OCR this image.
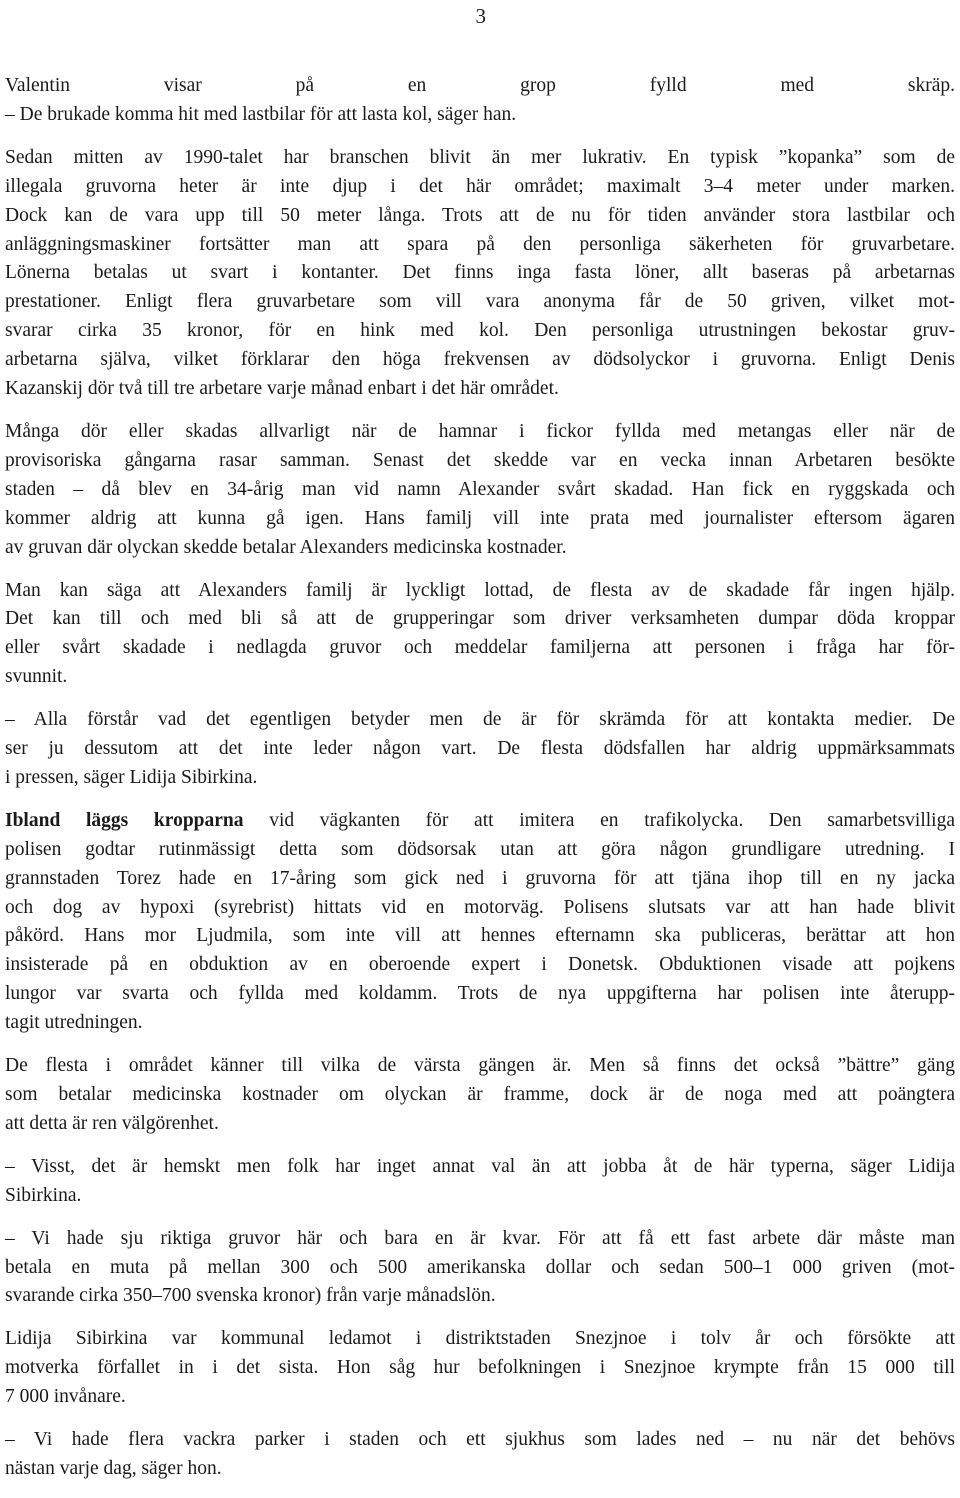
3
Valentin visar på en grop fylld med skräp.
– De brukade komma hit med lastbilar för att lasta kol, säger han.
Sedan mitten av 1990-talet har branschen blivit än mer lukrativ. En typisk ”kopanka” som de
illegala gruvorna heter är inte djup i det här området; maximalt 3–4 meter under marken.
Dock kan de vara upp till 50 meter långa. Trots att de nu för tiden använder stora lastbilar och
anläggningsmaskiner fortsätter man att spara på den personliga säkerheten för gruvarbetare.
Lönerna betalas ut svart i kontanter. Det finns inga fasta löner, allt baseras på arbetarnas
prestationer. Enligt flera gruvarbetare som vill vara anonyma får de 50 griven, vilket mot-
svarar cirka 35 kronor, för en hink med kol. Den personliga utrustningen bekostar gruv-
arbetarna själva, vilket förklarar den höga frekvensen av dödsolyckor i gruvorna. Enligt Denis
Kazanskij dör två till tre arbetare varje månad enbart i det här området.
Många dör eller skadas allvarligt när de hamnar i fickor fyllda med metangas eller när de
provisoriska gångarna rasar samman. Senast det skedde var en vecka innan Arbetaren besökte
staden – då blev en 34-årig man vid namn Alexander svårt skadad. Han fick en ryggskada och
kommer aldrig att kunna gå igen. Hans familj vill inte prata med journalister eftersom ägaren
av gruvan där olyckan skedde betalar Alexanders medicinska kostnader.
Man kan säga att Alexanders familj är lyckligt lottad, de flesta av de skadade får ingen hjälp.
Det kan till och med bli så att de grupperingar som driver verksamheten dumpar döda kroppar
eller svårt skadade i nedlagda gruvor och meddelar familjerna att personen i fråga har för-
svunnit.
– Alla förstår vad det egentligen betyder men de är för skrämda för att kontakta medier. De
ser ju dessutom att det inte leder någon vart. De flesta dödsfallen har aldrig uppmärksammats
i pressen, säger Lidija Sibirkina.
Ibland läggs kropparna vid vägkanten för att imitera en trafikolycka. Den samarbetsvilliga
polisen godtar rutinmässigt detta som dödsorsak utan att göra någon grundligare utredning. I
grannstaden Torez hade en 17-åring som gick ned i gruvorna för att tjäna ihop till en ny jacka
och dog av hypoxi (syrebrist) hittats vid en motorväg. Polisens slutsats var att han hade blivit
påkörd. Hans mor Ljudmila, som inte vill att hennes efternamn ska publiceras, berättar att hon
insisterade på en obduktion av en oberoende expert i Donetsk. Obduktionen visade att pojkens
lungor var svarta och fyllda med koldamm. Trots de nya uppgifterna har polisen inte återupp-
tagit utredningen.
De flesta i området känner till vilka de värsta gängen är. Men så finns det också ”bättre” gäng
som betalar medicinska kostnader om olyckan är framme, dock är de noga med att poängtera
att detta är ren välgörenhet.
– Visst, det är hemskt men folk har inget annat val än att jobba åt de här typerna, säger Lidija
Sibirkina.
– Vi hade sju riktiga gruvor här och bara en är kvar. För att få ett fast arbete där måste man
betala en muta på mellan 300 och 500 amerikanska dollar och sedan 500–1 000 griven (mot-
svarande cirka 350–700 svenska kronor) från varje månadslön.
Lidija Sibirkina var kommunal ledamot i distriktstaden Snezjnoe i tolv år och försökte att
motverka förfallet in i det sista. Hon såg hur befolkningen i Snezjnoe krympte från 15 000 till
7 000 invånare.
– Vi hade flera vackra parker i staden och ett sjukhus som lades ned – nu när det behövs
nästan varje dag, säger hon.
